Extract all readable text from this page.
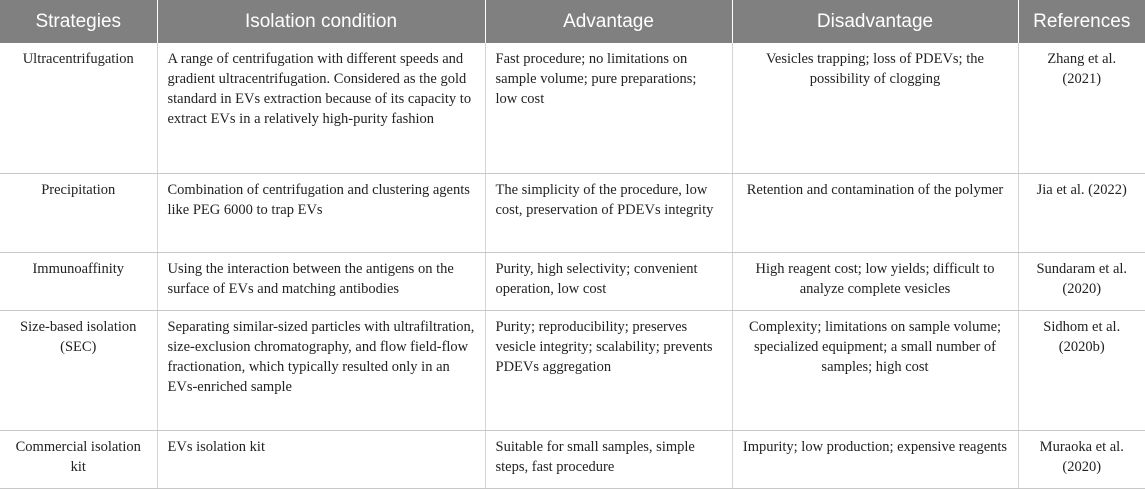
Strategies	Isolation condition	Advantage	Disadvantage	References
Ultracentrifugation	A range of centrifugation with different speeds and gradient ultracentrifugation. Considered as the gold standard in EVs extraction because of its capacity to extract EVs in a relatively high-purity fashion	Fast procedure; no limitations on sample volume; pure preparations; low cost	Vesicles trapping; loss of PDEVs; the possibility of clogging	Zhang et al. (2021)
Precipitation	Combination of centrifugation and clustering agents like PEG 6000 to trap EVs	The simplicity of the procedure, low cost, preservation of PDEVs integrity	Retention and contamination of the polymer	Jia et al. (2022)
Immunoaffinity	Using the interaction between the antigens on the surface of EVs and matching antibodies	Purity, high selectivity; convenient operation, low cost	High reagent cost; low yields; difficult to analyze complete vesicles	Sundaram et al. (2020)
Size-based isolation (SEC)	Separating similar-sized particles with ultrafiltration, size-exclusion chromatography, and flow field-flow fractionation, which typically resulted only in an EVs-enriched sample	Purity; reproducibility; preserves vesicle integrity; scalability; prevents PDEVs aggregation	Complexity; limitations on sample volume; specialized equipment; a small number of samples; high cost	Sidhom et al. (2020b)
Commercial isolation kit	EVs isolation kit	Suitable for small samples, simple steps, fast procedure	Impurity; low production; expensive reagents	Muraoka et al. (2020)
